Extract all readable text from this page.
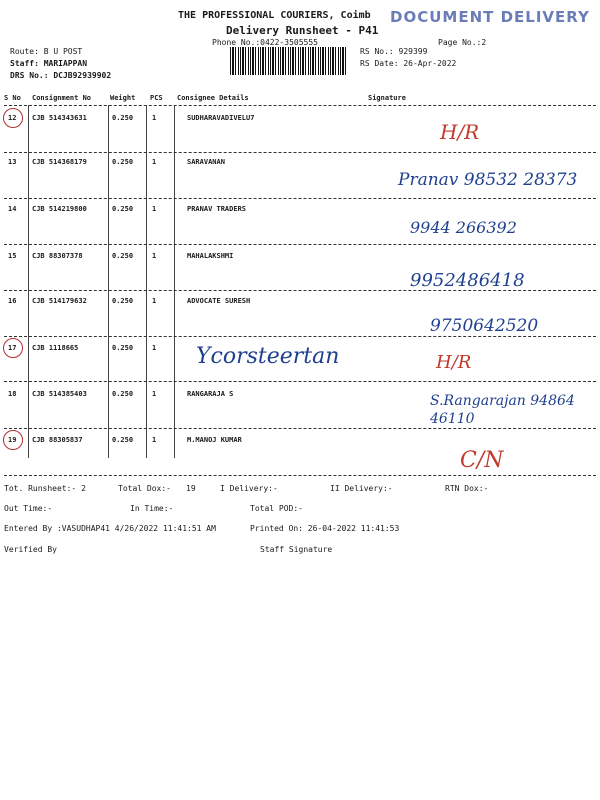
THE PROFESSIONAL COURIERS, Coimb DOCUMENT DELIVERY
Delivery Runsheet - P41
Phone No.:0422-3505555	Page No.:2
Route: B U POST
Staff: MARIAPPAN
DRS No.: DCJB92939902
RS No.: 929399
RS Date: 26-Apr-2022
S No Consignment No	Weight PCS Consignee Details	Signature
12 CJB 514343631	0.250	1	SUDHARAVADIVELU7
H/R
13 CJB 514368179	0.250	1	SARAVANAN
Pranav 98532 28373
14 CJB 514219800	0.250	1	PRANAV TRADERS
9944 266392
15 CJB 88307378	0.250	1	MAHALAKSHMI
9952486418
16 CJB 514179632	0.250	1	ADVOCATE SURESH
9750642520
17 CJB 1118665	0.250	1 Ycorsteertan	H/R
18 CJB 514385403	0.250	1	RANGARAJA S	S.Rangarajan 94864 46110
19 CJB 88305837	0.250	1	M.MANOJ KUMAR
C/N
Tot. Runsheet:- 2	Total Dox:- 19	I Delivery:-	II Delivery:-	RTN Dox:-
Out Time:-	In Time:-	Total POD:-
Entered By :VASUDHAP41 4/26/2022 11:41:51 AM	Printed On: 26-04-2022 11:41:53
Verified By	Staff Signature
